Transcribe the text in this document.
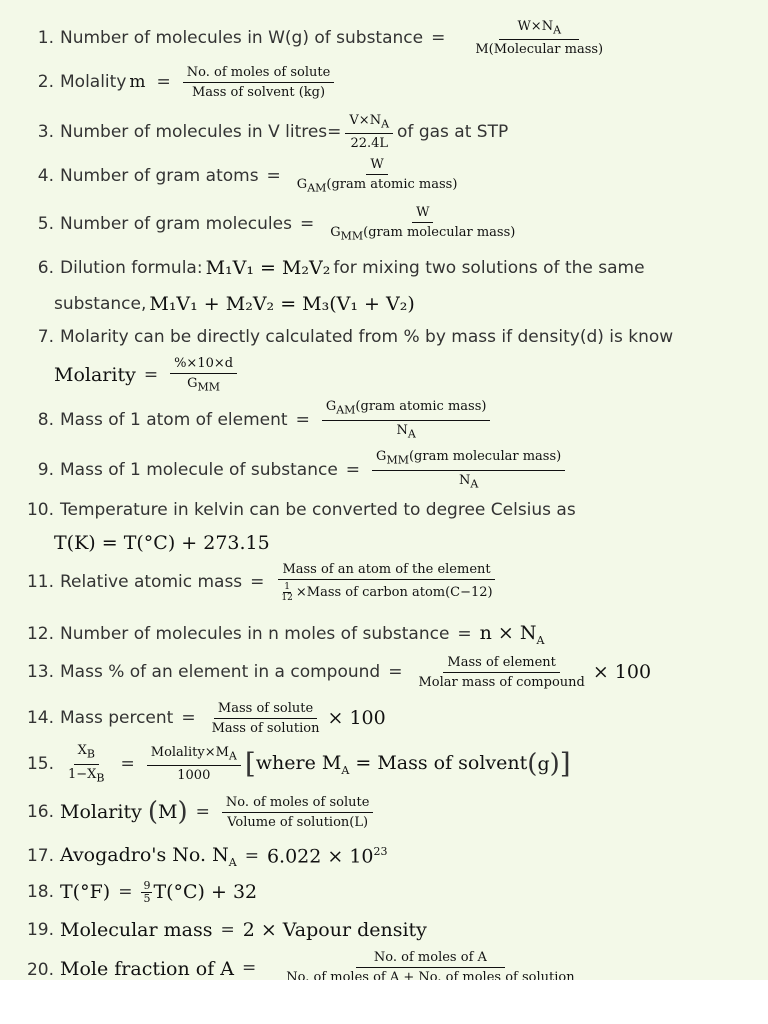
1. Number of molecules in W(g) of substance = $\frac{W\times N_A}{\text{M(Molecular mass)}}$
2. Molality $m = \frac{\text{No. of moles of solute}}{\text{Mass of solvent (kg)}}$
3. Number of molecules in V litres= $\frac{V\times N_A}{22.4L}$ of gas at STP
4. Number of gram atoms = $\frac{W}{G_{AM}(gram atomic mass)}$
5. Number of gram molecules = $\frac{W}{G_{MM}(gram molecular mass)}$
6. Dilution formula: M₁V₁ = M₂V₂ for mixing two solutions of the same
substance, M₁V₁ + M₂V₂ = M₃(V₁ + V₂)
7. Molarity can be directly calculated from % by mass if density(d) is know
Molarity = $\frac{\%\times 10\times d}{G_{MM}}$
8. Mass of 1 atom of element = $\frac{G_{AM}(gram atomic mass)}{N_A}$
9. Mass of 1 molecule of substance = $\frac{G_{MM}(gram molecular mass)}{N_A}$
10. Temperature in kelvin can be converted to degree Celsius as
T(K) = T(°C) + 273.15
11. Relative atomic mass = $\frac{\text{Mass of an atom of the element}}{\frac{1}{12} \times Mass of carbon atom(C-12)}$
12. Number of molecules in n moles of substance = $n \times N_A$
13. Mass % of an element in a compound = $\frac{\text{Mass of element}}{\text{Molar mass of compound}} \times 100$
14. Mass percent = $\frac{\text{Mass of solute}}{\text{Mass of solution}} \times 100$
15. $\frac{X_B}{1-X_B} = \frac{Molality\times M_A}{1000}$ [ where $M_A$ = Mass of solvent ( g ) ]
16. Molarity ( M ) = $\frac{\text{No. of moles of solute}}{\text{Volume of solution(L)}}$
17. Avogadro's No. $N_A = 6.022 \times 10^{23}$
18. $T(^\circ F) = \frac{9}{5} T(^\circ C) + 32$
19. Molecular mass = 2 × Vapour density
20. Mole fraction of $A = \frac{\text{No. of moles of A}}{\text{No. of moles of A + No. of moles of solution}}$
